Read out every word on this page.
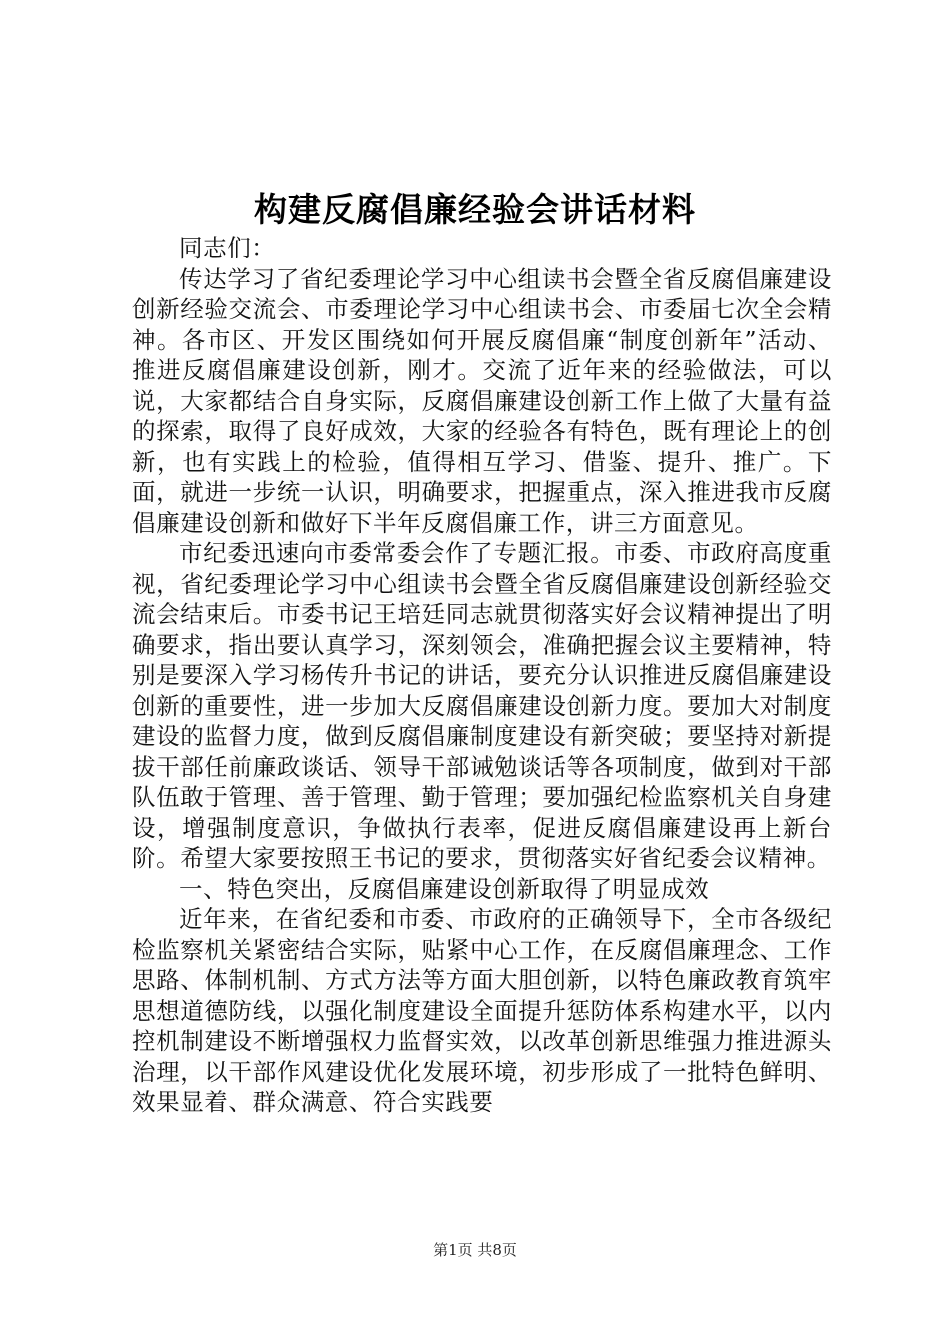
构建反腐倡廉经验会讲话材料

同志们：

传达学习了省纪委理论学习中心组读书会暨全省反腐倡廉建设创新经验交流会、市委理论学习中心组读书会、市委届七次全会精神。各市区、开发区围绕如何开展反腐倡廉“制度创新年”活动、推进反腐倡廉建设创新，刚才。交流了近年来的经验做法，可以说，大家都结合自身实际，反腐倡廉建设创新工作上做了大量有益的探索，取得了良好成效，大家的经验各有特色，既有理论上的创新，也有实践上的检验，值得相互学习、借鉴、提升、推广。下面，就进一步统一认识，明确要求，把握重点，深入推进我市反腐倡廉建设创新和做好下半年反腐倡廉工作，讲三方面意见。

市纪委迅速向市委常委会作了专题汇报。市委、市政府高度重视，省纪委理论学习中心组读书会暨全省反腐倡廉建设创新经验交流会结束后。市委书记王培廷同志就贯彻落实好会议精神提出了明确要求，指出要认真学习，深刻领会，准确把握会议主要精神，特别是要深入学习杨传升书记的讲话，要充分认识推进反腐倡廉建设创新的重要性，进一步加大反腐倡廉建设创新力度。要加大对制度建设的监督力度，做到反腐倡廉制度建设有新突破；要坚持对新提拔干部任前廉政谈话、领导干部诫勉谈话等各项制度，做到对干部队伍敢于管理、善于管理、勤于管理；要加强纪检监察机关自身建设，增强制度意识，争做执行表率，促进反腐倡廉建设再上新台阶。希望大家要按照王书记的要求，贯彻落实好省纪委会议精神。

一、特色突出，反腐倡廉建设创新取得了明显成效

近年来，在省纪委和市委、市政府的正确领导下，全市各级纪检监察机关紧密结合实际，贴紧中心工作，在反腐倡廉理念、工作思路、体制机制、方式方法等方面大胆创新，以特色廉政教育筑牢思想道德防线，以强化制度建设全面提升惩防体系构建水平，以内控机制建设不断增强权力监督实效，以改革创新思维强力推进源头治理，以干部作风建设优化发展环境，初步形成了一批特色鲜明、效果显着、群众满意、符合实践要

第1页 共8页
